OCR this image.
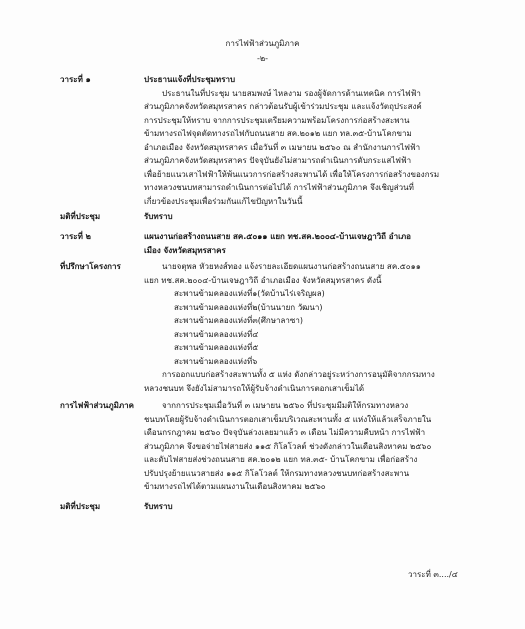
การไฟฟ้าส่วนภูมิภาค
-๒-
วาระที่ ๑	ประธานแจ้งที่ประชุมทราบ
ประธานในที่ประชุม นายสมพงษ์ ไหลงาม รองผู้จัดการด้านเทคนิค การไฟฟ้า
ส่วนภูมิภาคจังหวัดสมุทรสาคร กล่าวต้อนรับผู้เข้าร่วมประชุม และแจ้งวัตถุประสงค์
การประชุมให้ทราบ จากการประชุมเตรียมความพร้อมโครงการก่อสร้างสะพาน
ข้ามทางรถไฟจุดตัดทางรถไฟกับถนนสาย สค.๒๐๑๒ แยก ทล.๓๕-บ้านโคกขาม
อำเภอเมือง จังหวัดสมุทรสาคร เมื่อวันที่ ๓ เมษายน ๒๕๖๐ ณ สำนักงานการไฟฟ้า
ส่วนภูมิภาคจังหวัดสมุทรสาคร ปัจจุบันยังไม่สามารถดำเนินการดับกระแสไฟฟ้า
เพื่อย้ายแนวเสาไฟฟ้าให้พ้นแนวการก่อสร้างสะพานได้ เพื่อให้โครงการก่อสร้างของกรม
ทางหลวงชนบทสามารถดำเนินการต่อไปได้ การไฟฟ้าส่วนภูมิภาค จึงเชิญส่วนที่
เกี่ยวข้องประชุมเพื่อร่วมกันแก้ไขปัญหาในวันนี้
มติที่ประชุม	รับทราบ
วาระที่ ๒	แผนงานก่อสร้างถนนสาย สค.๕๐๑๑ แยก ทช.สค.๒๐๐๔-บ้านเจษฎาวิถี อำเภอ
เมือง จังหวัดสมุทรสาคร
ที่ปรึกษาโครงการ	นายจตุพล หัวยหงส์ทอง แจ้งรายละเอียดแผนงานก่อสร้างถนนสาย สค.๕๐๑๑
แยก ทช.สค.๒๐๐๔-บ้านเจษฎาวิถี อำเภอเมือง จังหวัดสมุทรสาคร ดังนี้
สะพานข้ามคลองแห่งที่๑(วัดบ้านไร่เจริญผล)
สะพานข้ามคลองแห่งที่๒(บ้านนายก วัฒนา)
สะพานข้ามคลองแห่งที่๓(ศึกษาลาซา)
สะพานข้ามคลองแห่งที่๔
สะพานข้ามคลองแห่งที่๕
สะพานข้ามคลองแห่งที่๖
การออกแบบก่อสร้างสะพานทั้ง ๕ แห่ง ดังกล่าวอยู่ระหว่างการอนุมัติจากกรมทาง
หลวงชนบท จึงยังไม่สามารถให้ผู้รับจ้างดำเนินการตอกเสาเข็มได้
การไฟฟ้าส่วนภูมิภาค	จากการประชุมเมื่อวันที่ ๓ เมษายน ๒๕๖๐ ที่ประชุมมีมติให้กรมทางหลวง
ชนบทโดยผู้รับจ้างดำเนินการตอกเสาเข็มบริเวณสะพานทั้ง ๕ แห่งให้แล้วเสร็จภายใน
เดือนกรกฎาคม ๒๕๖๐ ปัจจุบันล่วงเลยมาแล้ว ๓ เดือน ไม่มีความคืบหน้า การไฟฟ้า
ส่วนภูมิภาค จึงขอจ่ายไฟสายส่ง ๑๑๕ กิโลโวลต์ ช่วงดังกล่าวในเดือนสิงหาคม ๒๕๖๐
และดับไฟสายส่งช่วงถนนสาย สค.๒๐๑๒ แยก ทล.๓๕- บ้านโคกขาม เพื่อก่อสร้าง
ปรับปรุงย้ายแนวสายส่ง ๑๑๕ กิโลโวลต์ ให้กรมทางหลวงชนบทก่อสร้างสะพาน
ข้ามทางรถไฟได้ตามแผนงานในเดือนสิงหาคม ๒๕๖๐
มติที่ประชุม	รับทราบ
วาระที่ ๓..../๔
